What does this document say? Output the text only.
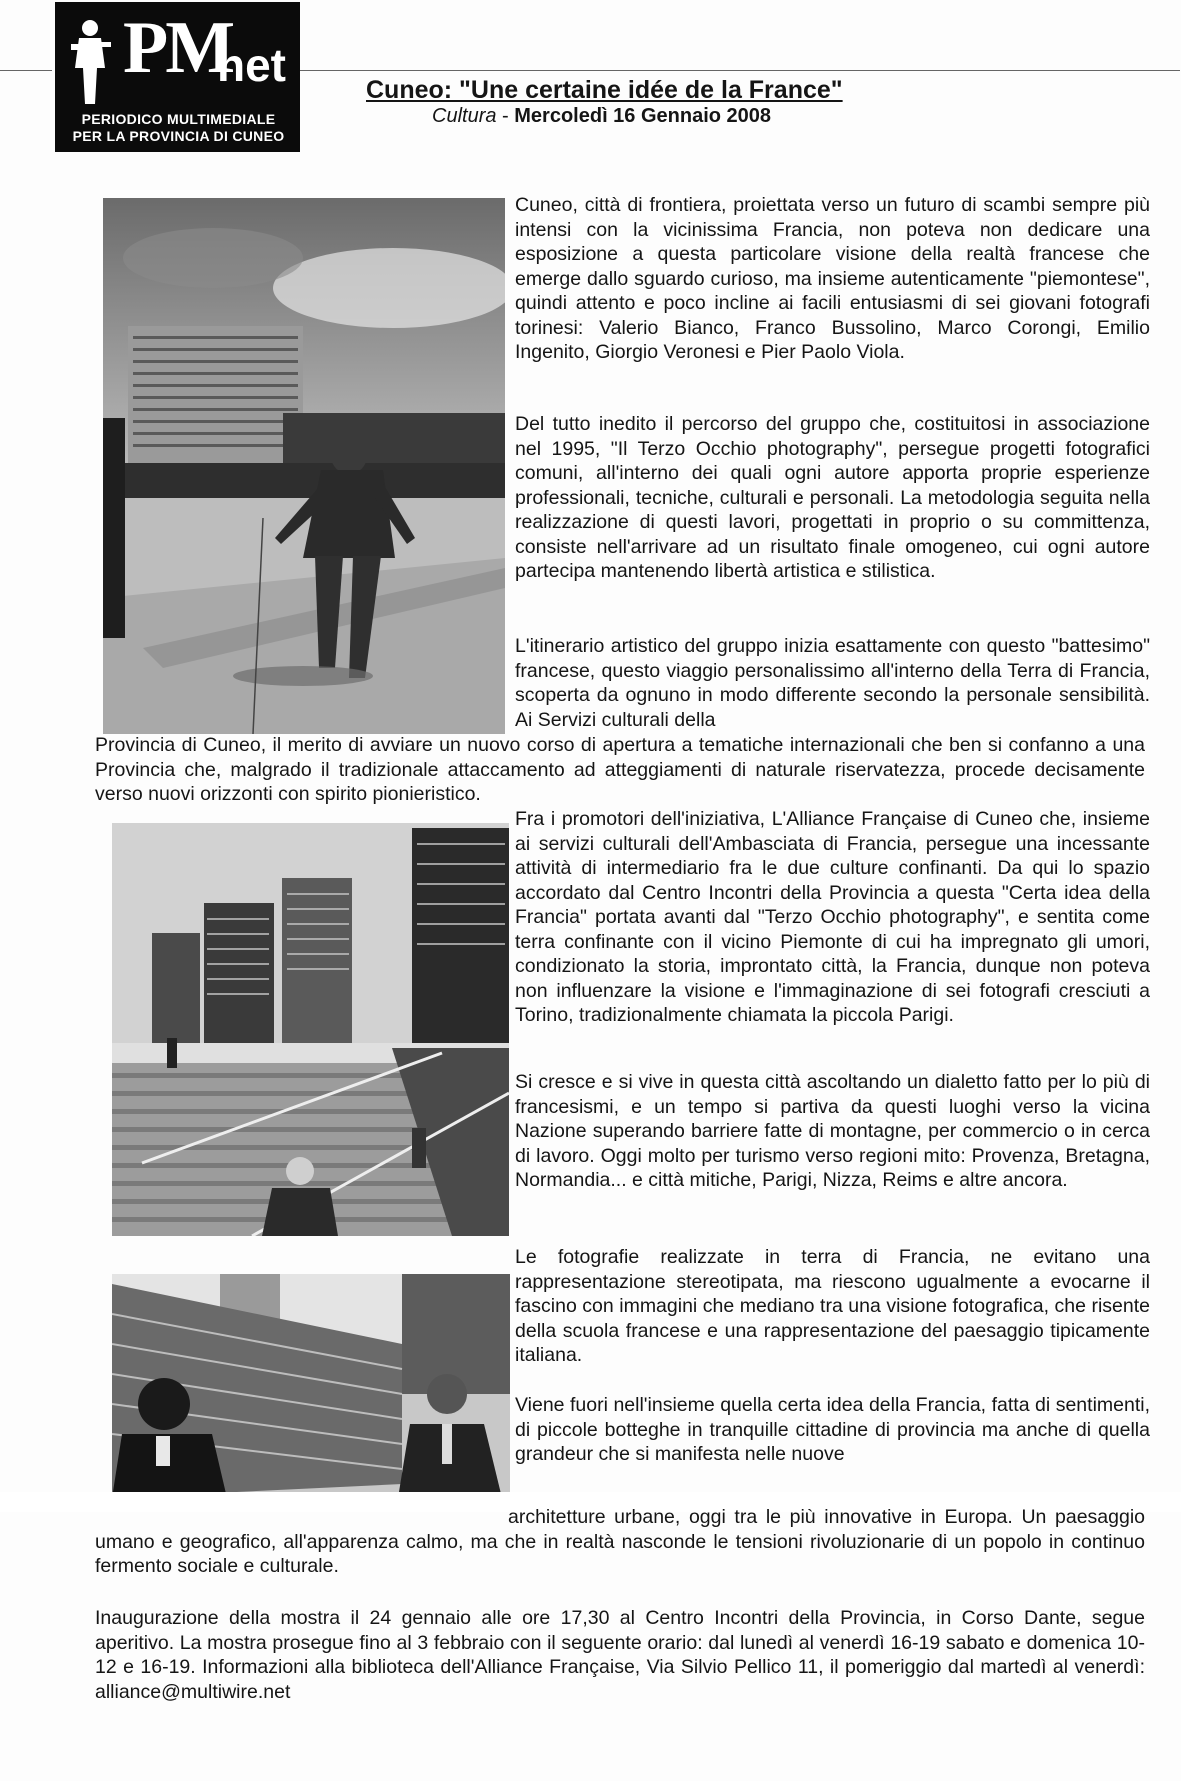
PM
net
PERIODICO MULTIMEDIALE
PER LA PROVINCIA DI CUNEO
Cuneo: "Une certaine idée de la France"
Cultura - Mercoledì 16 Gennaio 2008

Cuneo, città di frontiera, proiettata verso un futuro di scambi sempre più intensi con la vicinissima Francia, non poteva non dedicare una esposizione a questa particolare visione della realtà francese che emerge dallo sguardo curioso, ma insieme autenticamente "piemontese", quindi attento e poco incline ai facili entusiasmi di sei giovani fotografi torinesi: Valerio Bianco, Franco Bussolino, Marco Corongi, Emilio Ingenito, Giorgio Veronesi e Pier Paolo Viola.

Del tutto inedito il percorso del gruppo che, costituitosi in associazione nel 1995, "Il Terzo Occhio photography", persegue progetti fotografici comuni, all'interno dei quali ogni autore apporta proprie esperienze professionali, tecniche, culturali e personali. La metodologia seguita nella realizzazione di questi lavori, progettati in proprio o su committenza, consiste nell'arrivare ad un risultato finale omogeneo, cui ogni autore partecipa mantenendo libertà artistica e stilistica.

L'itinerario artistico del gruppo inizia esattamente con questo "battesimo" francese, questo viaggio personalissimo all'interno della Terra di Francia, scoperta da ognuno in modo differente secondo la personale sensibilità. Ai Servizi culturali della

Provincia di Cuneo, il merito di avviare un nuovo corso di apertura a tematiche internazionali che ben si confanno a una Provincia che, malgrado il tradizionale attaccamento ad atteggiamenti di naturale riservatezza, procede decisamente verso nuovi orizzonti con spirito pionieristico.

Fra i promotori dell'iniziativa, L'Alliance Française di Cuneo che, insieme ai servizi culturali dell'Ambasciata di Francia, persegue una incessante attività di intermediario fra le due culture confinanti. Da qui lo spazio accordato dal Centro Incontri della Provincia a questa "Certa idea della Francia" portata avanti dal "Terzo Occhio photography", e sentita come terra confinante con il vicino Piemonte di cui ha impregnato gli umori, condizionato la storia, improntato città, la Francia, dunque non poteva non influenzare la visione e l'immaginazione di sei fotografi cresciuti a Torino, tradizionalmente chiamata la piccola Parigi.

Si cresce e si vive in questa città ascoltando un dialetto fatto per lo più di francesismi, e un tempo si partiva da questi luoghi verso la vicina Nazione superando barriere fatte di montagne, per commercio o in cerca di lavoro. Oggi molto per turismo verso regioni mito: Provenza, Bretagna, Normandia... e città mitiche, Parigi, Nizza, Reims e altre ancora.

Le fotografie realizzate in terra di Francia, ne evitano una rappresentazione stereotipata, ma riescono ugualmente a evocarne il fascino con immagini che mediano tra una visione fotografica, che risente della scuola francese e una rappresentazione del paesaggio tipicamente italiana.

Viene fuori nell'insieme quella certa idea della Francia, fatta di sentimenti, di piccole botteghe in tranquille cittadine di provincia ma anche di quella grandeur che si manifesta nelle nuove

architetture urbane, oggi tra le più innovative in Europa. Un paesaggio umano e geografico, all'apparenza calmo, ma che in realtà nasconde le tensioni rivoluzionarie di un popolo in continuo fermento sociale e culturale.

Inaugurazione della mostra il 24 gennaio alle ore 17,30 al Centro Incontri della Provincia, in Corso Dante, segue aperitivo. La mostra prosegue fino al 3 febbraio con il seguente orario: dal lunedì al venerdì 16-19 sabato e domenica 10-12 e 16-19. Informazioni alla biblioteca dell'Alliance Française, Via Silvio Pellico 11, il pomeriggio dal martedì al venerdì: alliance@multiwire.net
